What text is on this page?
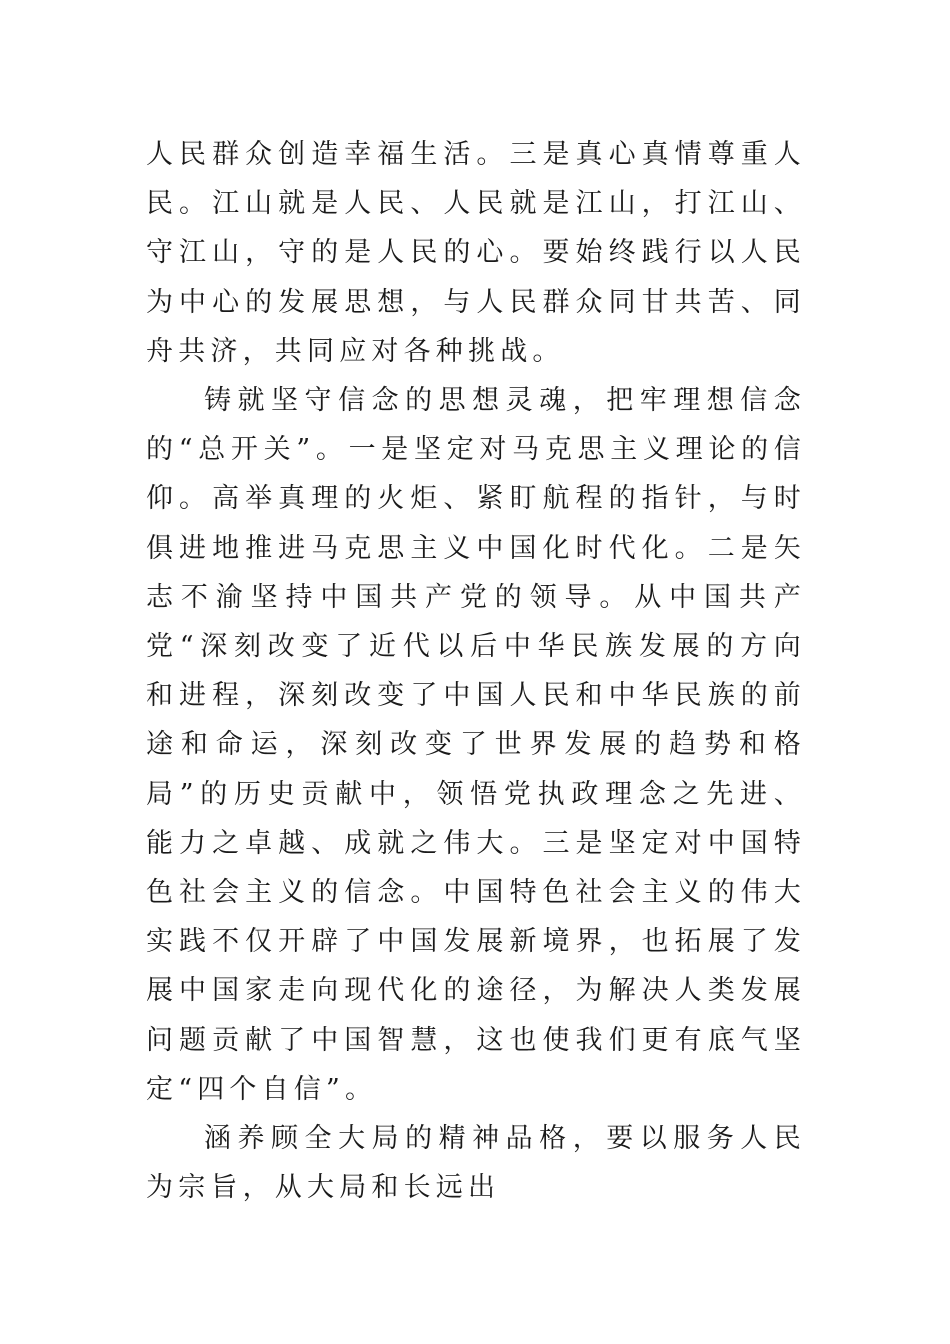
人民群众创造幸福生活。三是真心真情尊重人民。江山就是人民、人民就是江山，打江山、守江山，守的是人民的心。要始终践行以人民为中心的发展思想，与人民群众同甘共苦、同舟共济，共同应对各种挑战。

铸就坚守信念的思想灵魂，把牢理想信念的“总开关”。一是坚定对马克思主义理论的信仰。高举真理的火炬、紧盯航程的指针，与时俱进地推进马克思主义中国化时代化。二是矢志不渝坚持中国共产党的领导。从中国共产党“深刻改变了近代以后中华民族发展的方向和进程，深刻改变了中国人民和中华民族的前途和命运，深刻改变了世界发展的趋势和格局”的历史贡献中，领悟党执政理念之先进、能力之卓越、成就之伟大。三是坚定对中国特色社会主义的信念。中国特色社会主义的伟大实践不仅开辟了中国发展新境界，也拓展了发展中国家走向现代化的途径，为解决人类发展问题贡献了中国智慧，这也使我们更有底气坚定“四个自信”。

涵养顾全大局的精神品格，要以服务人民为宗旨，从大局和长远出
